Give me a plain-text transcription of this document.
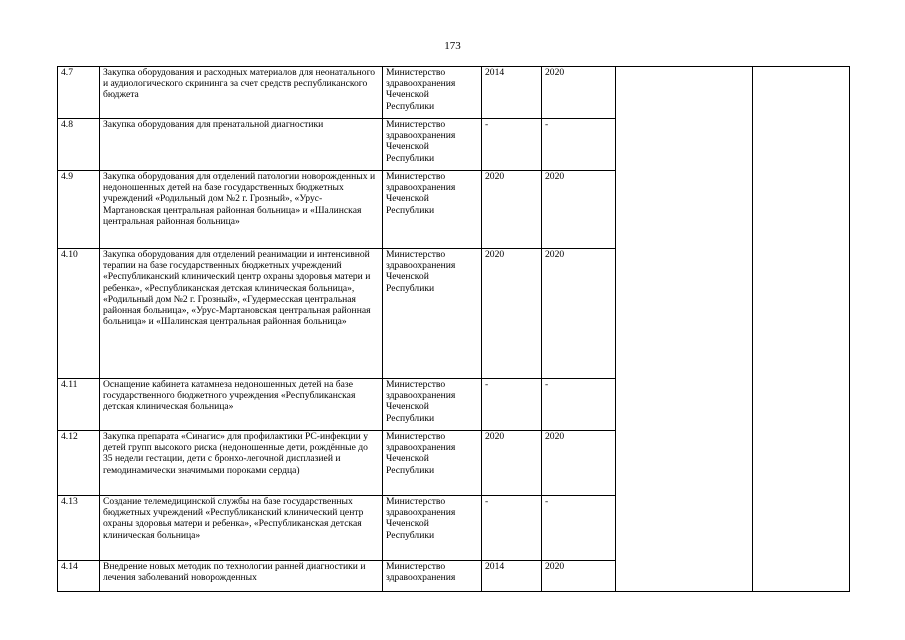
173
4.7	Закупка оборудования и расходных материалов для неонатального и аудиологического скрининга за счет средств республиканского бюджета	Министерство здравоохранения Чеченской Республики	2014	2020		
4.8	Закупка оборудования для пренатальной диагностики	Министерство здравоохранения Чеченской Республики	-	-		
4.9	Закупка оборудования для отделений патологии новорожденных и недоношенных детей на базе государственных бюджетных учреждений «Родильный дом №2 г. Грозный», «Урус-Мартановская центральная районная больница» и «Шалинская центральная районная больница»	Министерство здравоохранения Чеченской Республики	2020	2020		
4.10	Закупка оборудования для отделений реанимации и интенсивной терапии на базе государственных бюджетных учреждений «Республиканский клинический центр охраны здоровья матери и ребенка», «Республиканская детская клиническая больница», «Родильный дом №2 г. Грозный», «Гудермесская центральная районная больница», «Урус-Мартановская центральная районная больница» и «Шалинская центральная районная больница»	Министерство здравоохранения Чеченской Республики	2020	2020		
4.11	Оснащение кабинета катамнеза недоношенных детей на базе государственного бюджетного учреждения «Республиканская детская клиническая больница»	Министерство здравоохранения Чеченской Республики	-	-		
4.12	Закупка препарата «Синагис» для профилактики РС-инфекции у детей групп высокого риска (недоношенные дети, рождённые до 35 недели гестации, дети с бронхо-легочной дисплазией и гемодинамически значимыми пороками сердца)	Министерство здравоохранения Чеченской Республики	2020	2020		
4.13	Создание телемедицинской службы на базе государственных бюджетных учреждений «Республиканский клинический центр охраны здоровья матери и ребенка», «Республиканская детская клиническая больница»	Министерство здравоохранения Чеченской Республики	-	-		
4.14	Внедрение новых методик по технологии ранней диагностики и лечения заболеваний новорожденных	Министерство здравоохранения	2014	2020		
